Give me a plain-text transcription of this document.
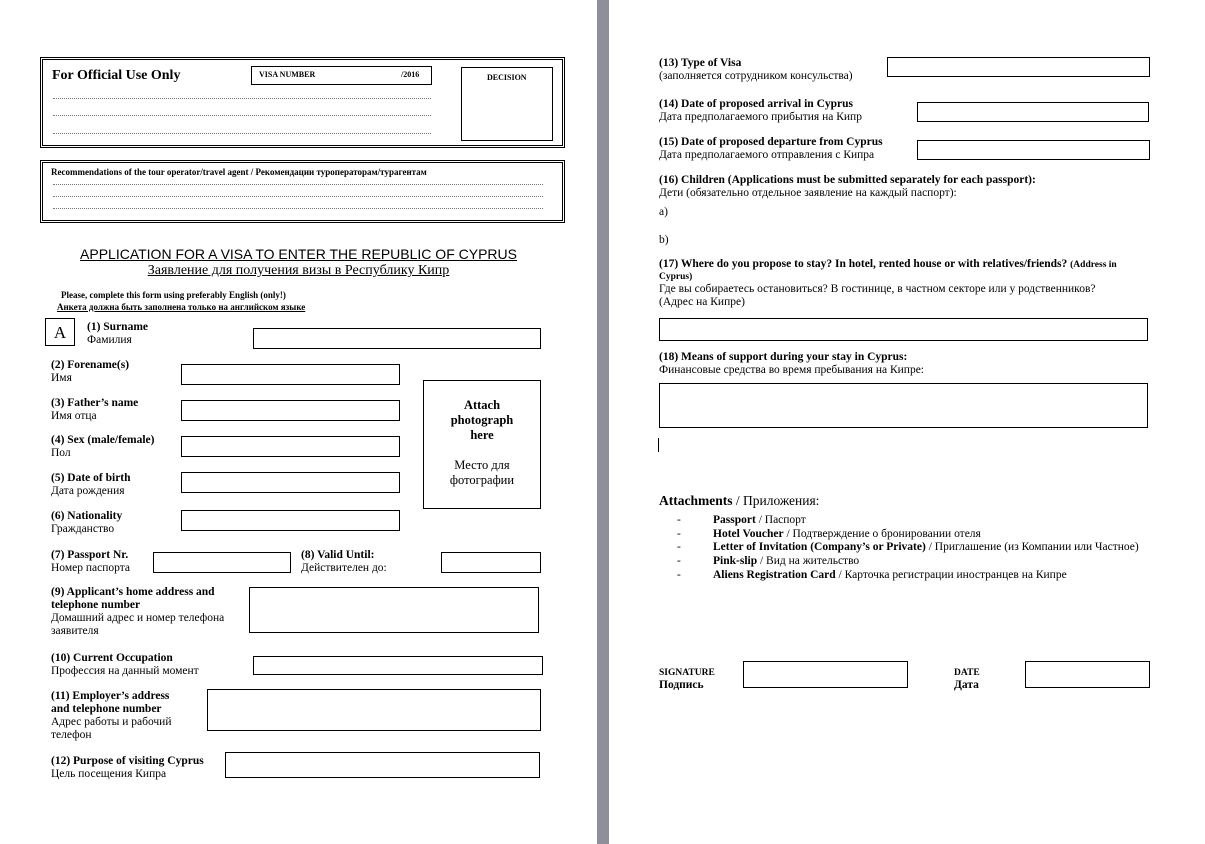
For Official Use Only	VISA NUMBER	/2016	DECISION
Recommendations of the tour operator/travel agent / Рекомендации туроператорам/турагентам
APPLICATION FOR A VISA TO ENTER THE REPUBLIC OF CYPRUS
Заявление для получения визы в Республику Кипр
Please, complete this form using preferably English (only!)
Анкета должна быть заполнена только на английском языке
A	(1) Surname
Фамилия
(2) Forename(s)
Имя
(3) Father’s name
Имя отца
(4) Sex (male/female)
Пол
(5) Date of birth
Дата рождения
(6) Nationality
Гражданство
Attach
photograph
here
Место для
фотографии
(7) Passport Nr.
Номер паспорта
(8) Valid Until:
Действителен до:
(9) Applicant’s home address and
telephone number
Домашний адрес и номер телефона
заявителя
(10) Current Occupation
Профессия на данный момент
(11) Employer’s address
and telephone number
Адрес работы и рабочий
телефон
(12) Purpose of visiting Cyprus
Цель посещения Кипра
(13) Type of Visa
(заполняется сотрудником консульства)
(14) Date of proposed arrival in Cyprus
Дата предполагаемого прибытия на Кипр
(15) Date of proposed departure from Cyprus
Дата предполагаемого отправления с Кипра
(16) Children (Applications must be submitted separately for each passport):
Дети (обязательно отдельное заявление на каждый паспорт):
a)
b)
(17) Where do you propose to stay? In hotel, rented house or with relatives/friends? (Address in
Cyprus)
Где вы собираетесь остановиться? В гостинице, в частном секторе или у родственников?
(Адрес на Кипре)
(18) Means of support during your stay in Cyprus:
Финансовые средства во время пребывания на Кипре:
Attachments / Приложения:
-	Passport / Паспорт
-	Hotel Voucher / Подтверждение о бронировании отеля
-	Letter of Invitation (Company’s or Private) / Приглашение (из Компании или Частное)
-	Pink-slip / Вид на жительство
-	Aliens Registration Card / Карточка регистрации иностранцев на Кипре
SIGNATURE
Подпись
DATE
Дата
